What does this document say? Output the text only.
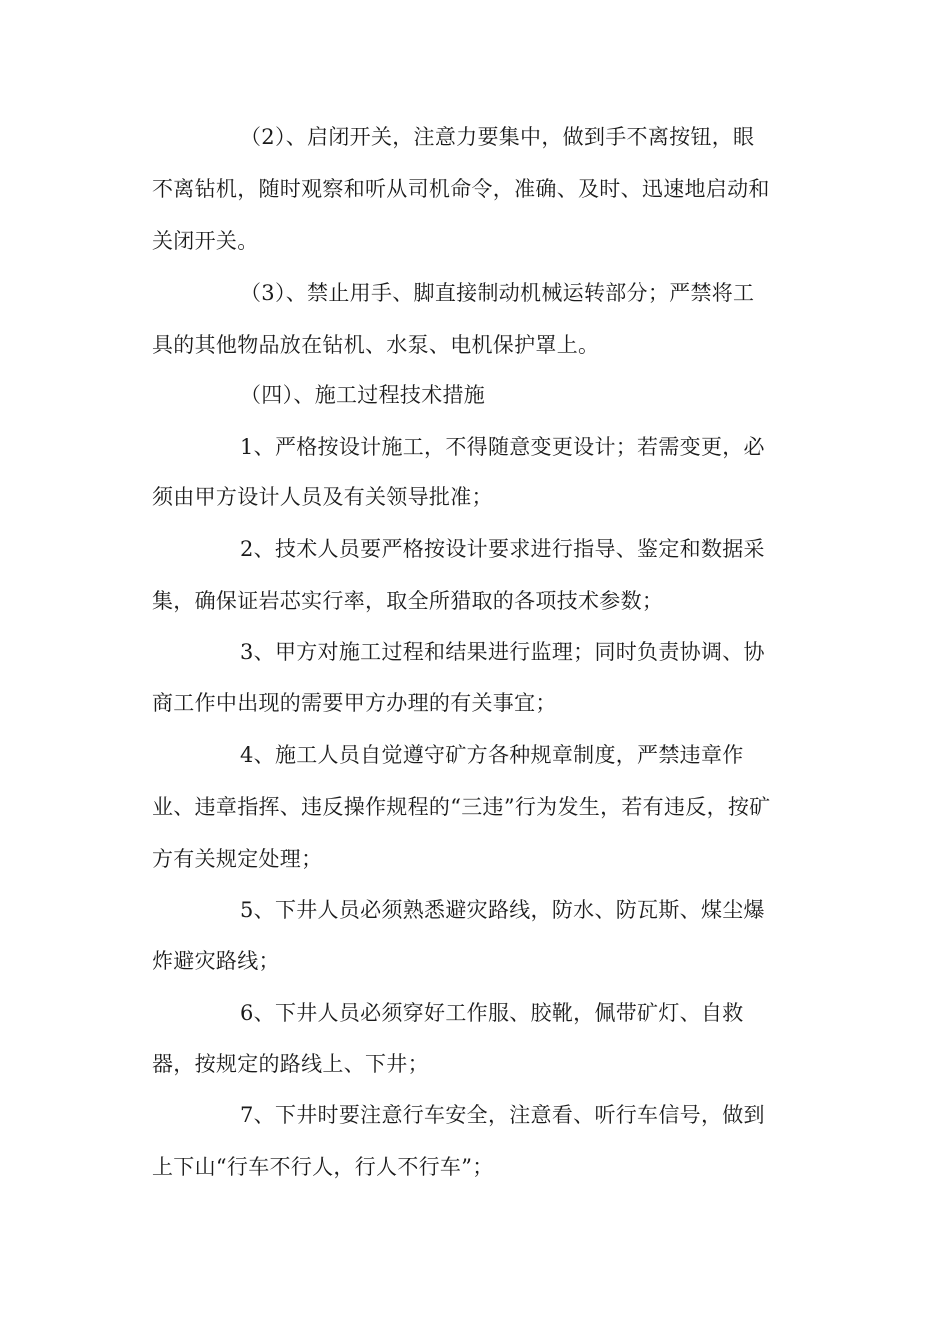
（2）、启闭开关，注意力要集中，做到手不离按钮，眼
不离钻机，随时观察和听从司机命令，准确、及时、迅速地启动和
关闭开关。
（3）、禁止用手、脚直接制动机械运转部分；严禁将工
具的其他物品放在钻机、水泵、电机保护罩上。
（四）、施工过程技术措施
1、严格按设计施工，不得随意变更设计；若需变更，必
须由甲方设计人员及有关领导批准；
2、技术人员要严格按设计要求进行指导、鉴定和数据采
集，确保证岩芯实行率，取全所猎取的各项技术参数；
3、甲方对施工过程和结果进行监理；同时负责协调、协
商工作中出现的需要甲方办理的有关事宜；
4、施工人员自觉遵守矿方各种规章制度，严禁违章作
业、违章指挥、违反操作规程的“三违”行为发生，若有违反，按矿
方有关规定处理；
5、下井人员必须熟悉避灾路线，防水、防瓦斯、煤尘爆
炸避灾路线；
6、下井人员必须穿好工作服、胶靴，佩带矿灯、自救
器，按规定的路线上、下井；
7、下井时要注意行车安全，注意看、听行车信号，做到
上下山“行车不行人，行人不行车”；
